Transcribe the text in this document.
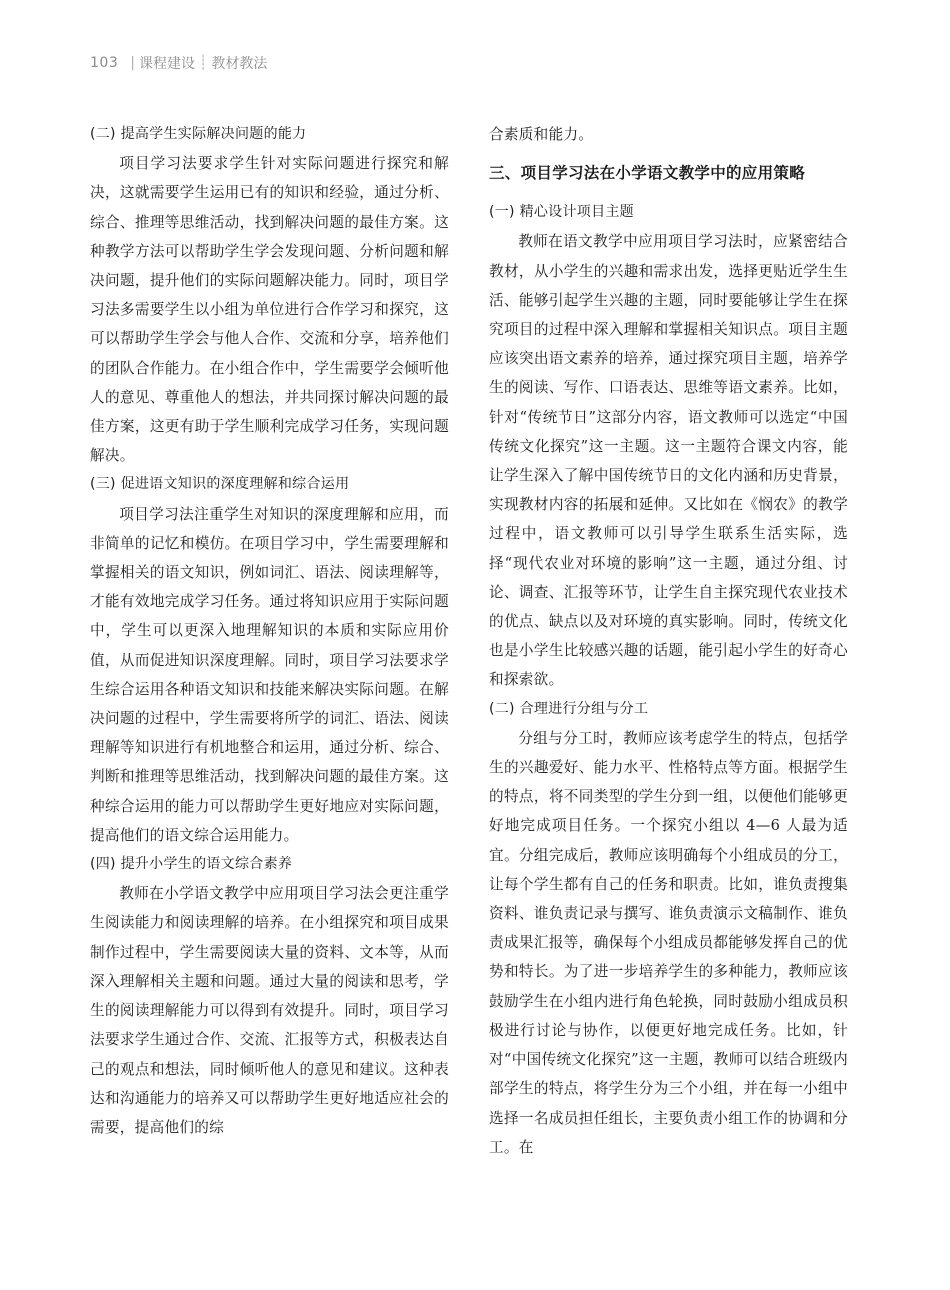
103 | 课程建设 ┊ 教材教法
(二) 提高学生实际解决问题的能力

项目学习法要求学生针对实际问题进行探究和解决，这就需要学生运用已有的知识和经验，通过分析、综合、推理等思维活动，找到解决问题的最佳方案。这种教学方法可以帮助学生学会发现问题、分析问题和解决问题，提升他们的实际问题解决能力。同时，项目学习法多需要学生以小组为单位进行合作学习和探究，这可以帮助学生学会与他人合作、交流和分享，培养他们的团队合作能力。在小组合作中，学生需要学会倾听他人的意见、尊重他人的想法，并共同探讨解决问题的最佳方案，这更有助于学生顺利完成学习任务，实现问题解决。

(三) 促进语文知识的深度理解和综合运用

项目学习法注重学生对知识的深度理解和应用，而非简单的记忆和模仿。在项目学习中，学生需要理解和掌握相关的语文知识，例如词汇、语法、阅读理解等，才能有效地完成学习任务。通过将知识应用于实际问题中，学生可以更深入地理解知识的本质和实际应用价值，从而促进知识深度理解。同时，项目学习法要求学生综合运用各种语文知识和技能来解决实际问题。在解决问题的过程中，学生需要将所学的词汇、语法、阅读理解等知识进行有机地整合和运用，通过分析、综合、判断和推理等思维活动，找到解决问题的最佳方案。这种综合运用的能力可以帮助学生更好地应对实际问题，提高他们的语文综合运用能力。

(四) 提升小学生的语文综合素养

教师在小学语文教学中应用项目学习法会更注重学生阅读能力和阅读理解的培养。在小组探究和项目成果制作过程中，学生需要阅读大量的资料、文本等，从而深入理解相关主题和问题。通过大量的阅读和思考，学生的阅读理解能力可以得到有效提升。同时，项目学习法要求学生通过合作、交流、汇报等方式，积极表达自己的观点和想法，同时倾听他人的意见和建议。这种表达和沟通能力的培养又可以帮助学生更好地适应社会的需要，提高他们的综

合素质和能力。

三、项目学习法在小学语文教学中的应用策略
(一) 精心设计项目主题

教师在语文教学中应用项目学习法时，应紧密结合教材，从小学生的兴趣和需求出发，选择更贴近学生生活、能够引起学生兴趣的主题，同时要能够让学生在探究项目的过程中深入理解和掌握相关知识点。项目主题应该突出语文素养的培养，通过探究项目主题，培养学生的阅读、写作、口语表达、思维等语文素养。比如，针对“传统节日”这部分内容，语文教师可以选定“中国传统文化探究”这一主题。这一主题符合课文内容，能让学生深入了解中国传统节日的文化内涵和历史背景，实现教材内容的拓展和延伸。又比如在《悯农》的教学过程中，语文教师可以引导学生联系生活实际，选择“现代农业对环境的影响”这一主题，通过分组、讨论、调查、汇报等环节，让学生自主探究现代农业技术的优点、缺点以及对环境的真实影响。同时，传统文化也是小学生比较感兴趣的话题，能引起小学生的好奇心和探索欲。

(二) 合理进行分组与分工

分组与分工时，教师应该考虑学生的特点，包括学生的兴趣爱好、能力水平、性格特点等方面。根据学生的特点，将不同类型的学生分到一组，以便他们能够更好地完成项目任务。一个探究小组以 4—6 人最为适宜。分组完成后，教师应该明确每个小组成员的分工，让每个学生都有自己的任务和职责。比如，谁负责搜集资料、谁负责记录与撰写、谁负责演示文稿制作、谁负责成果汇报等，确保每个小组成员都能够发挥自己的优势和特长。为了进一步培养学生的多种能力，教师应该鼓励学生在小组内进行角色轮换，同时鼓励小组成员积极进行讨论与协作，以便更好地完成任务。比如，针对“中国传统文化探究”这一主题，教师可以结合班级内部学生的特点，将学生分为三个小组，并在每一小组中选择一名成员担任组长，主要负责小组工作的协调和分工。在
